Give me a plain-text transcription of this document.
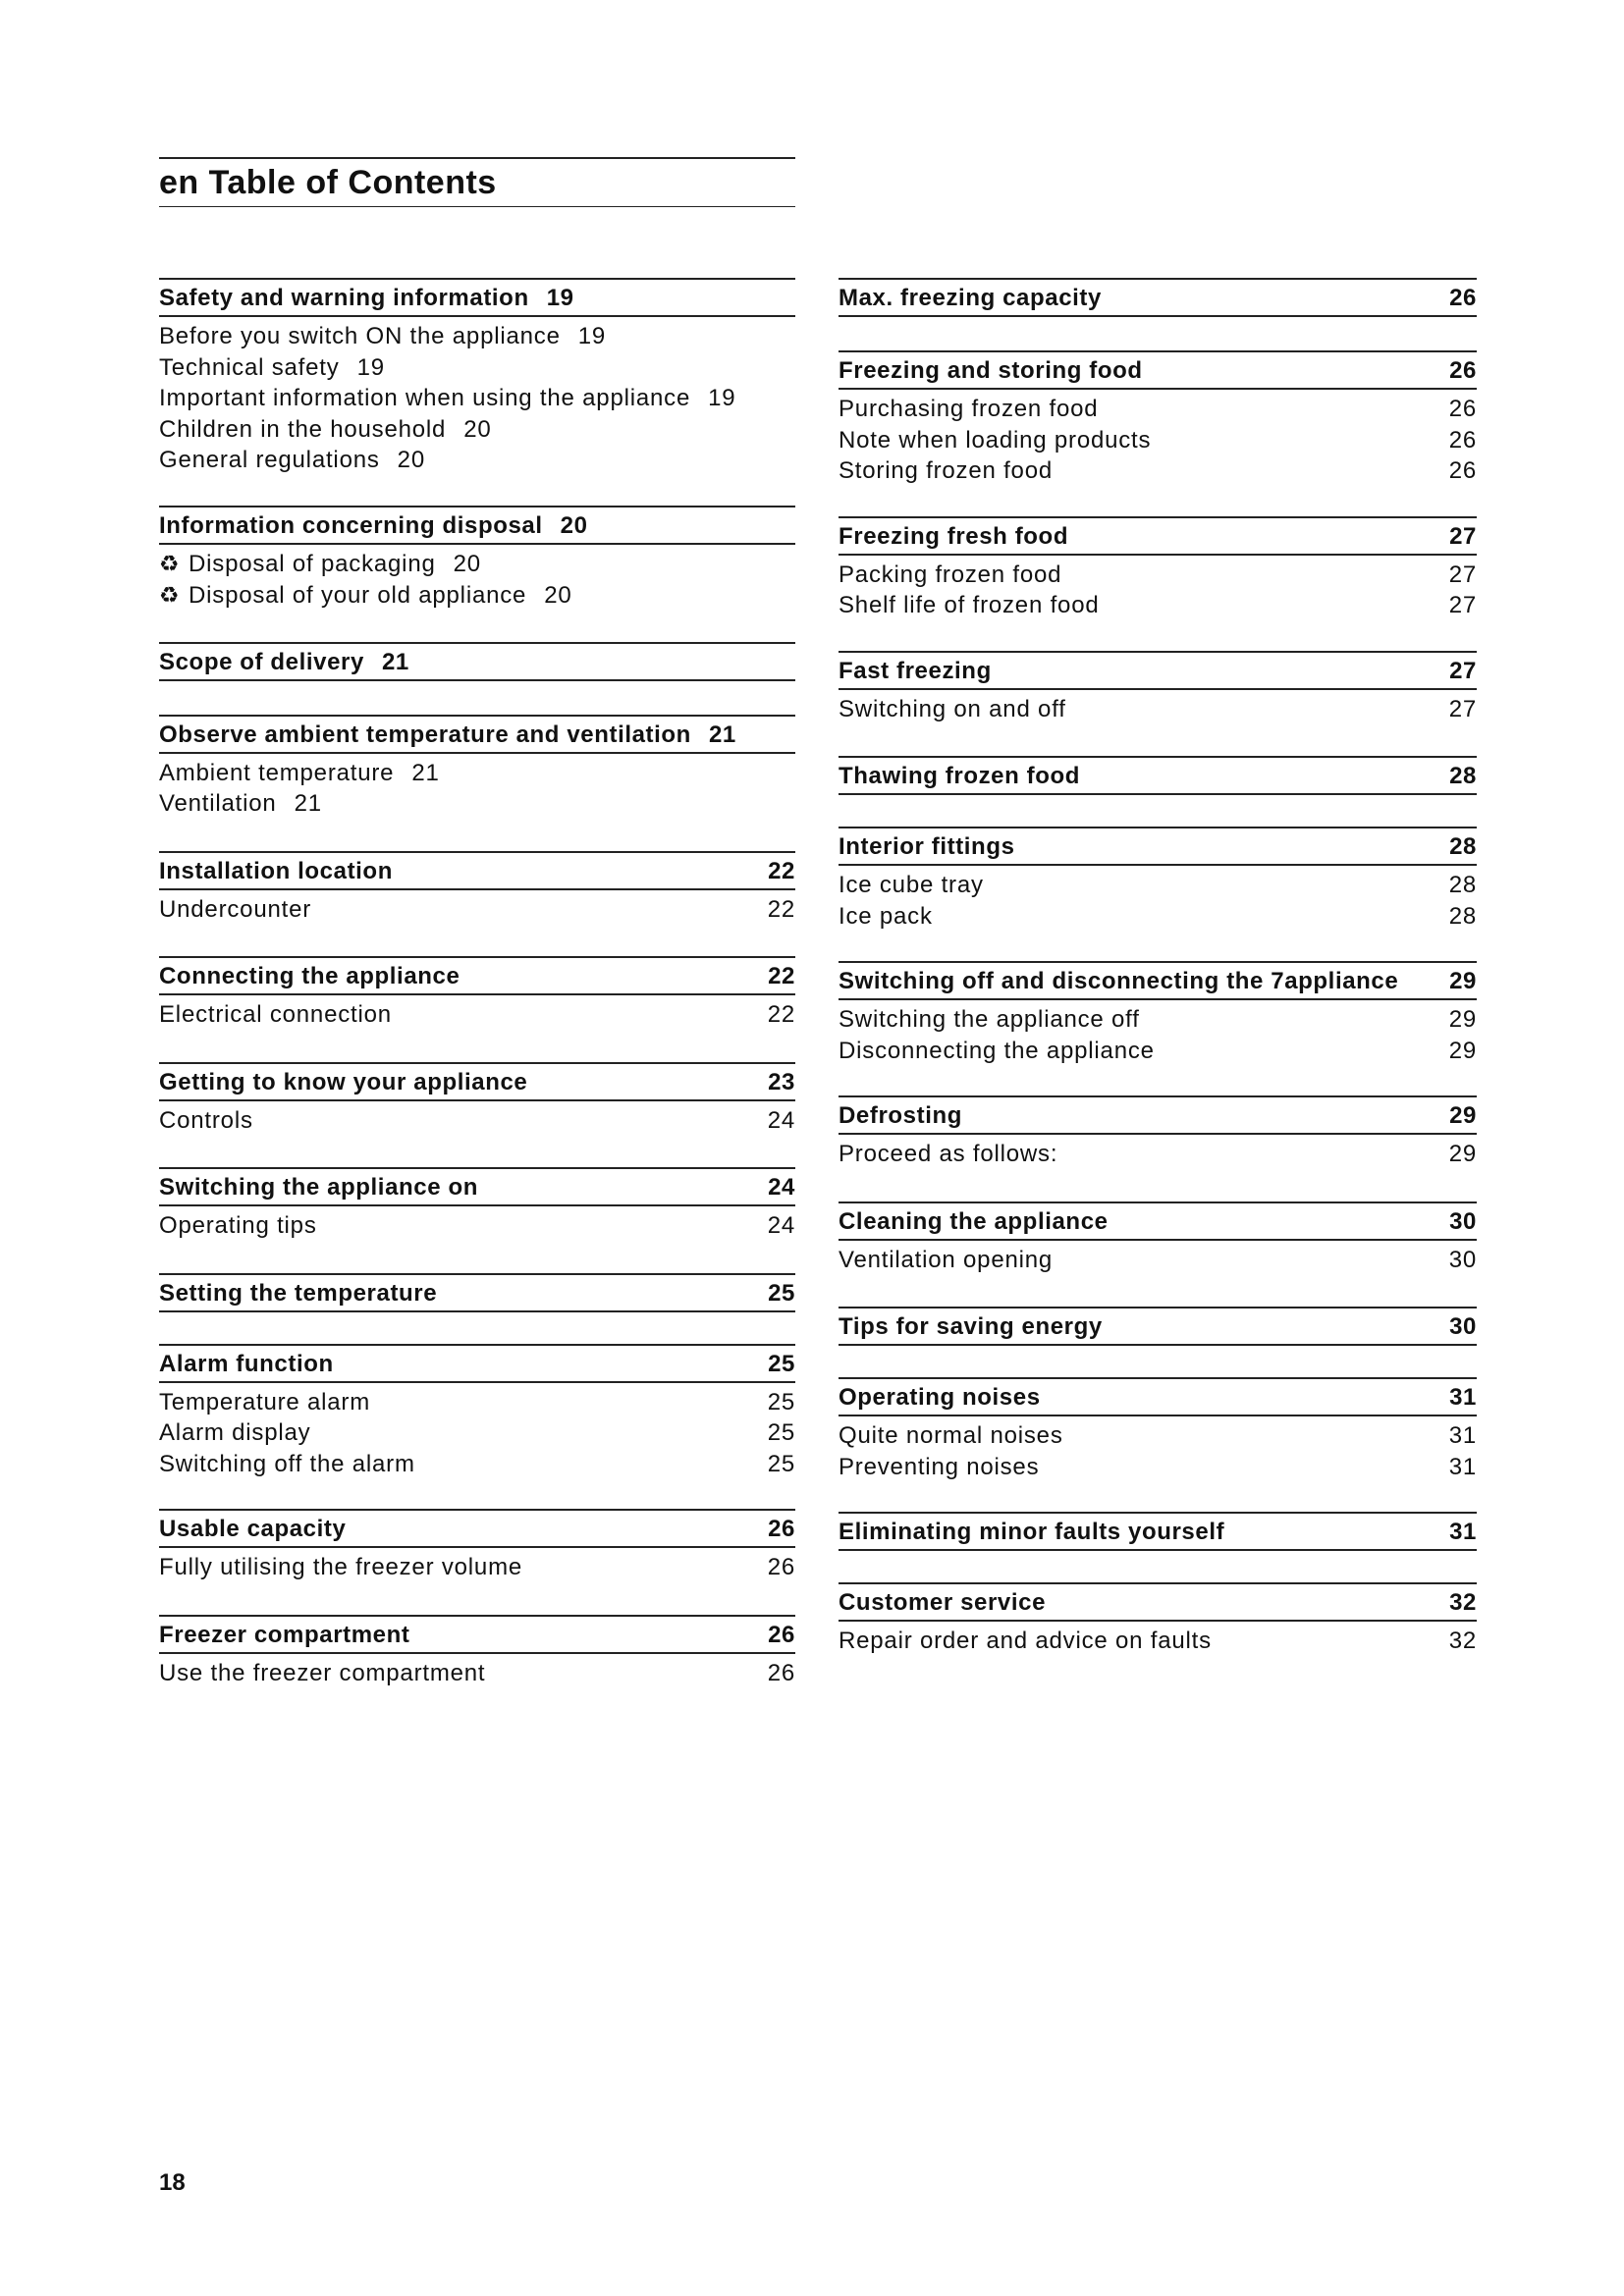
en Table of Contents
Safety and warning information 19
Before you switch ON the appliance 19
Technical safety 19
Important information when using the appliance 19
Children in the household 20
General regulations 20
Information concerning disposal 20
♻ Disposal of packaging 20
♻ Disposal of your old appliance 20
Scope of delivery 21
Observe ambient temperature and ventilation 21
Ambient temperature 21
Ventilation 21
Installation location	22
Undercounter	22
Connecting the appliance	22
Electrical connection	22
Getting to know your appliance	23
Controls	24
Switching the appliance on	24
Operating tips	24
Setting the temperature	25
Alarm function	25
Temperature alarm	25
Alarm display	25
Switching off the alarm	25
Usable capacity	26
Fully utilising the freezer volume	26
Freezer compartment	26
Use the freezer compartment	26
Max. freezing capacity	26
Freezing and storing food	26
Purchasing frozen food	26
Note when loading products	26
Storing frozen food	26
Freezing fresh food	27
Packing frozen food	27
Shelf life of frozen food	27
Fast freezing	27
Switching on and off	27
Thawing frozen food	28
Interior fittings	28
Ice cube tray	28
Ice pack	28
Switching off and disconnecting the 7appliance	29
Switching the appliance off	29
Disconnecting the appliance	29
Defrosting	29
Proceed as follows:	29
Cleaning the appliance	30
Ventilation opening	30
Tips for saving energy	30
Operating noises	31
Quite normal noises	31
Preventing noises	31
Eliminating minor faults yourself	31
Customer service	32
Repair order and advice on faults	32
18
